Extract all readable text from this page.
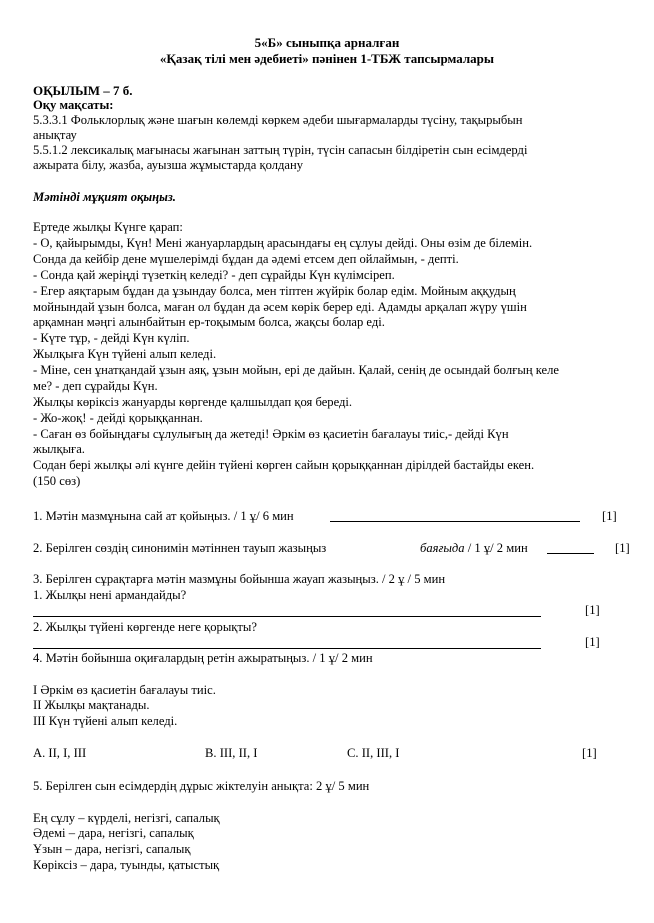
5«Б» сыныпқа арналған
«Қазақ тілі мен әдебиеті» пәнінен 1-ТБЖ тапсырмалары
ОҚЫЛЫМ – 7 б.
Оқу мақсаты:
5.3.3.1 Фольклорлық және шағын көлемді көркем әдеби шығармаларды түсіну, тақырыбын
анықтау
5.5.1.2 лексикалық мағынасы жағынан заттың түрін, түсін сапасын білдіретін сын есімдерді
ажырата білу, жазба, ауызша жұмыстарда қолдану
Мәтінді мұқият оқыңыз.
Ертеде жылқы Күнге қарап:
- О, қайырымды, Күн! Мені жануарлардың арасындағы ең сұлуы дейді. Оны өзім де білемін.
Сонда да кейбір дене мүшелерімді бұдан да әдемі етсем деп ойлаймын, - депті.
- Сонда қай жеріңді түзеткің келеді? - деп сұрайды Күн күлімсіреп.
- Егер аяқтарым бұдан да ұзындау болса, мен тіптен жүйрік болар едім. Мойным аққудың
мойнындай ұзын болса, маған ол бұдан да әсем көрік берер еді. Адамды арқалап жүру үшін
арқамнан мәңгі алынбайтын ер-тоқымым болса, жақсы болар еді.
- Күте тұр, - дейді Күн күліп.
Жылқыға Күн түйені алып келеді.
- Міне, сен ұнатқандай ұзын аяқ, ұзын мойын, ері де дайын. Қалай, сенің де осындай болғың келе
ме? - деп сұрайды Күн.
Жылқы көріксіз жануарды көргенде қалшылдап қоя береді.
- Жо-жоқ! - дейді қорыққаннан.
- Саған өз бойыңдағы сұлулығың да жетеді! Әркім өз қасиетін бағалауы тиіс,- дейді Күн
жылқыға.
Содан бері жылқы әлі күнге дейін түйені көрген сайын қорыққаннан дірілдей бастайды екен.
(150 сөз)
1. Мәтін мазмұнына сай ат қойыңыз. / 1 ұ/ 6 мин	[1]
2. Берілген сөздің синонимін мәтіннен тауып жазыңыз	баяғыда / 1 ұ/ 2 мин	[1]
3. Берілген сұрақтарға мәтін мазмұны бойынша жауап жазыңыз. / 2 ұ / 5 мин
1. Жылқы нені армандайды?
[1]
2. Жылқы түйені көргенде неге қорықты?
[1]
4. Мәтін бойынша оқиғалардың ретін ажыратыңыз. / 1 ұ/ 2 мин
I Әркім өз қасиетін бағалауы тиіс.
II Жылқы мақтанады.
III Күн түйені алып келеді.
A. II, I, III	B. III, II, I	C. II, III, I	[1]
5. Берілген сын есімдердің дұрыс жіктелуін анықта: 2 ұ/ 5 мин
Ең сұлу – күрделі, негізгі, сапалық
Әдемі – дара, негізгі, сапалық
Ұзын – дара, негізгі, сапалық
Көріксіз – дара, туынды, қатыстық
